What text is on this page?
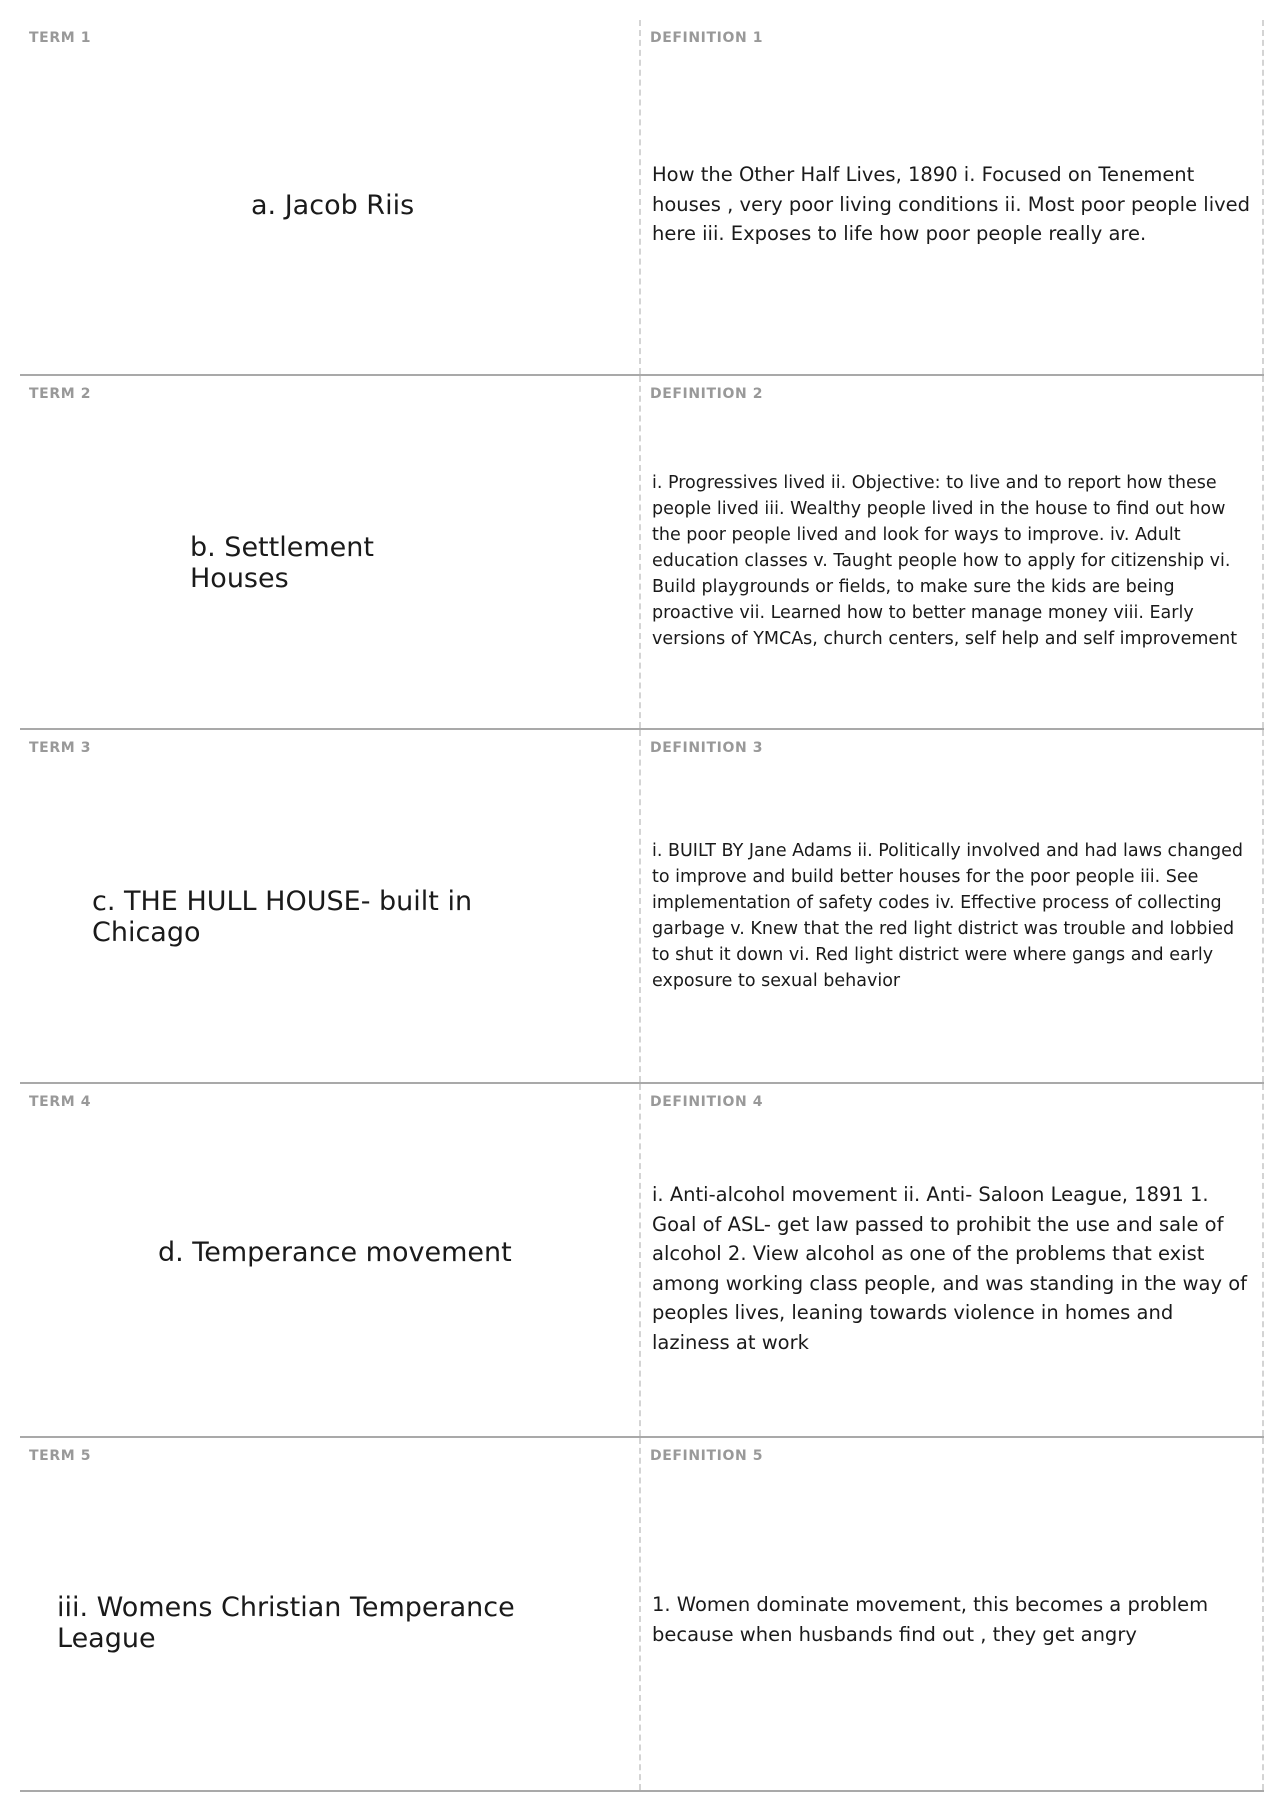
TERM 1
a. Jacob Riis
DEFINITION 1
How the Other Half Lives, 1890 i. Focused on Tenement houses , very poor living conditions ii. Most poor people lived here iii. Exposes to life how poor people really are.
TERM 2
b. Settlement Houses
DEFINITION 2
i. Progressives lived ii. Objective: to live and to report how these people lived iii. Wealthy people lived in the house to find out how the poor people lived and look for ways to improve. iv. Adult education classes v. Taught people how to apply for citizenship vi. Build playgrounds or fields, to make sure the kids are being proactive vii. Learned how to better manage money viii. Early versions of YMCAs, church centers, self help and self improvement
c. THE HULL HOUSE- built in Chicago
TERM 3	DEFINITION 3
i. BUILT BY Jane Adams ii. Politically involved and had laws changed to improve and build better houses for the poor people iii. See implementation of safety codes iv. Effective process of collecting garbage v. Knew that the red light district was trouble and lobbied to shut it down vi. Red light district were where gangs and early exposure to sexual behavior
TERM 4
d. Temperance movement
DEFINITION 4
i. Anti-alcohol movement ii. Anti- Saloon League, 1891 1. Goal of ASL- get law passed to prohibit the use and sale of alcohol 2. View alcohol as one of the problems that exist among working class people, and was standing in the way of peoples lives, leaning towards violence in homes and laziness at work
TERM 5
iii. Womens Christian Temperance League
DEFINITION 5
1. Women dominate movement, this becomes a problem because when husbands find out , they get angry
